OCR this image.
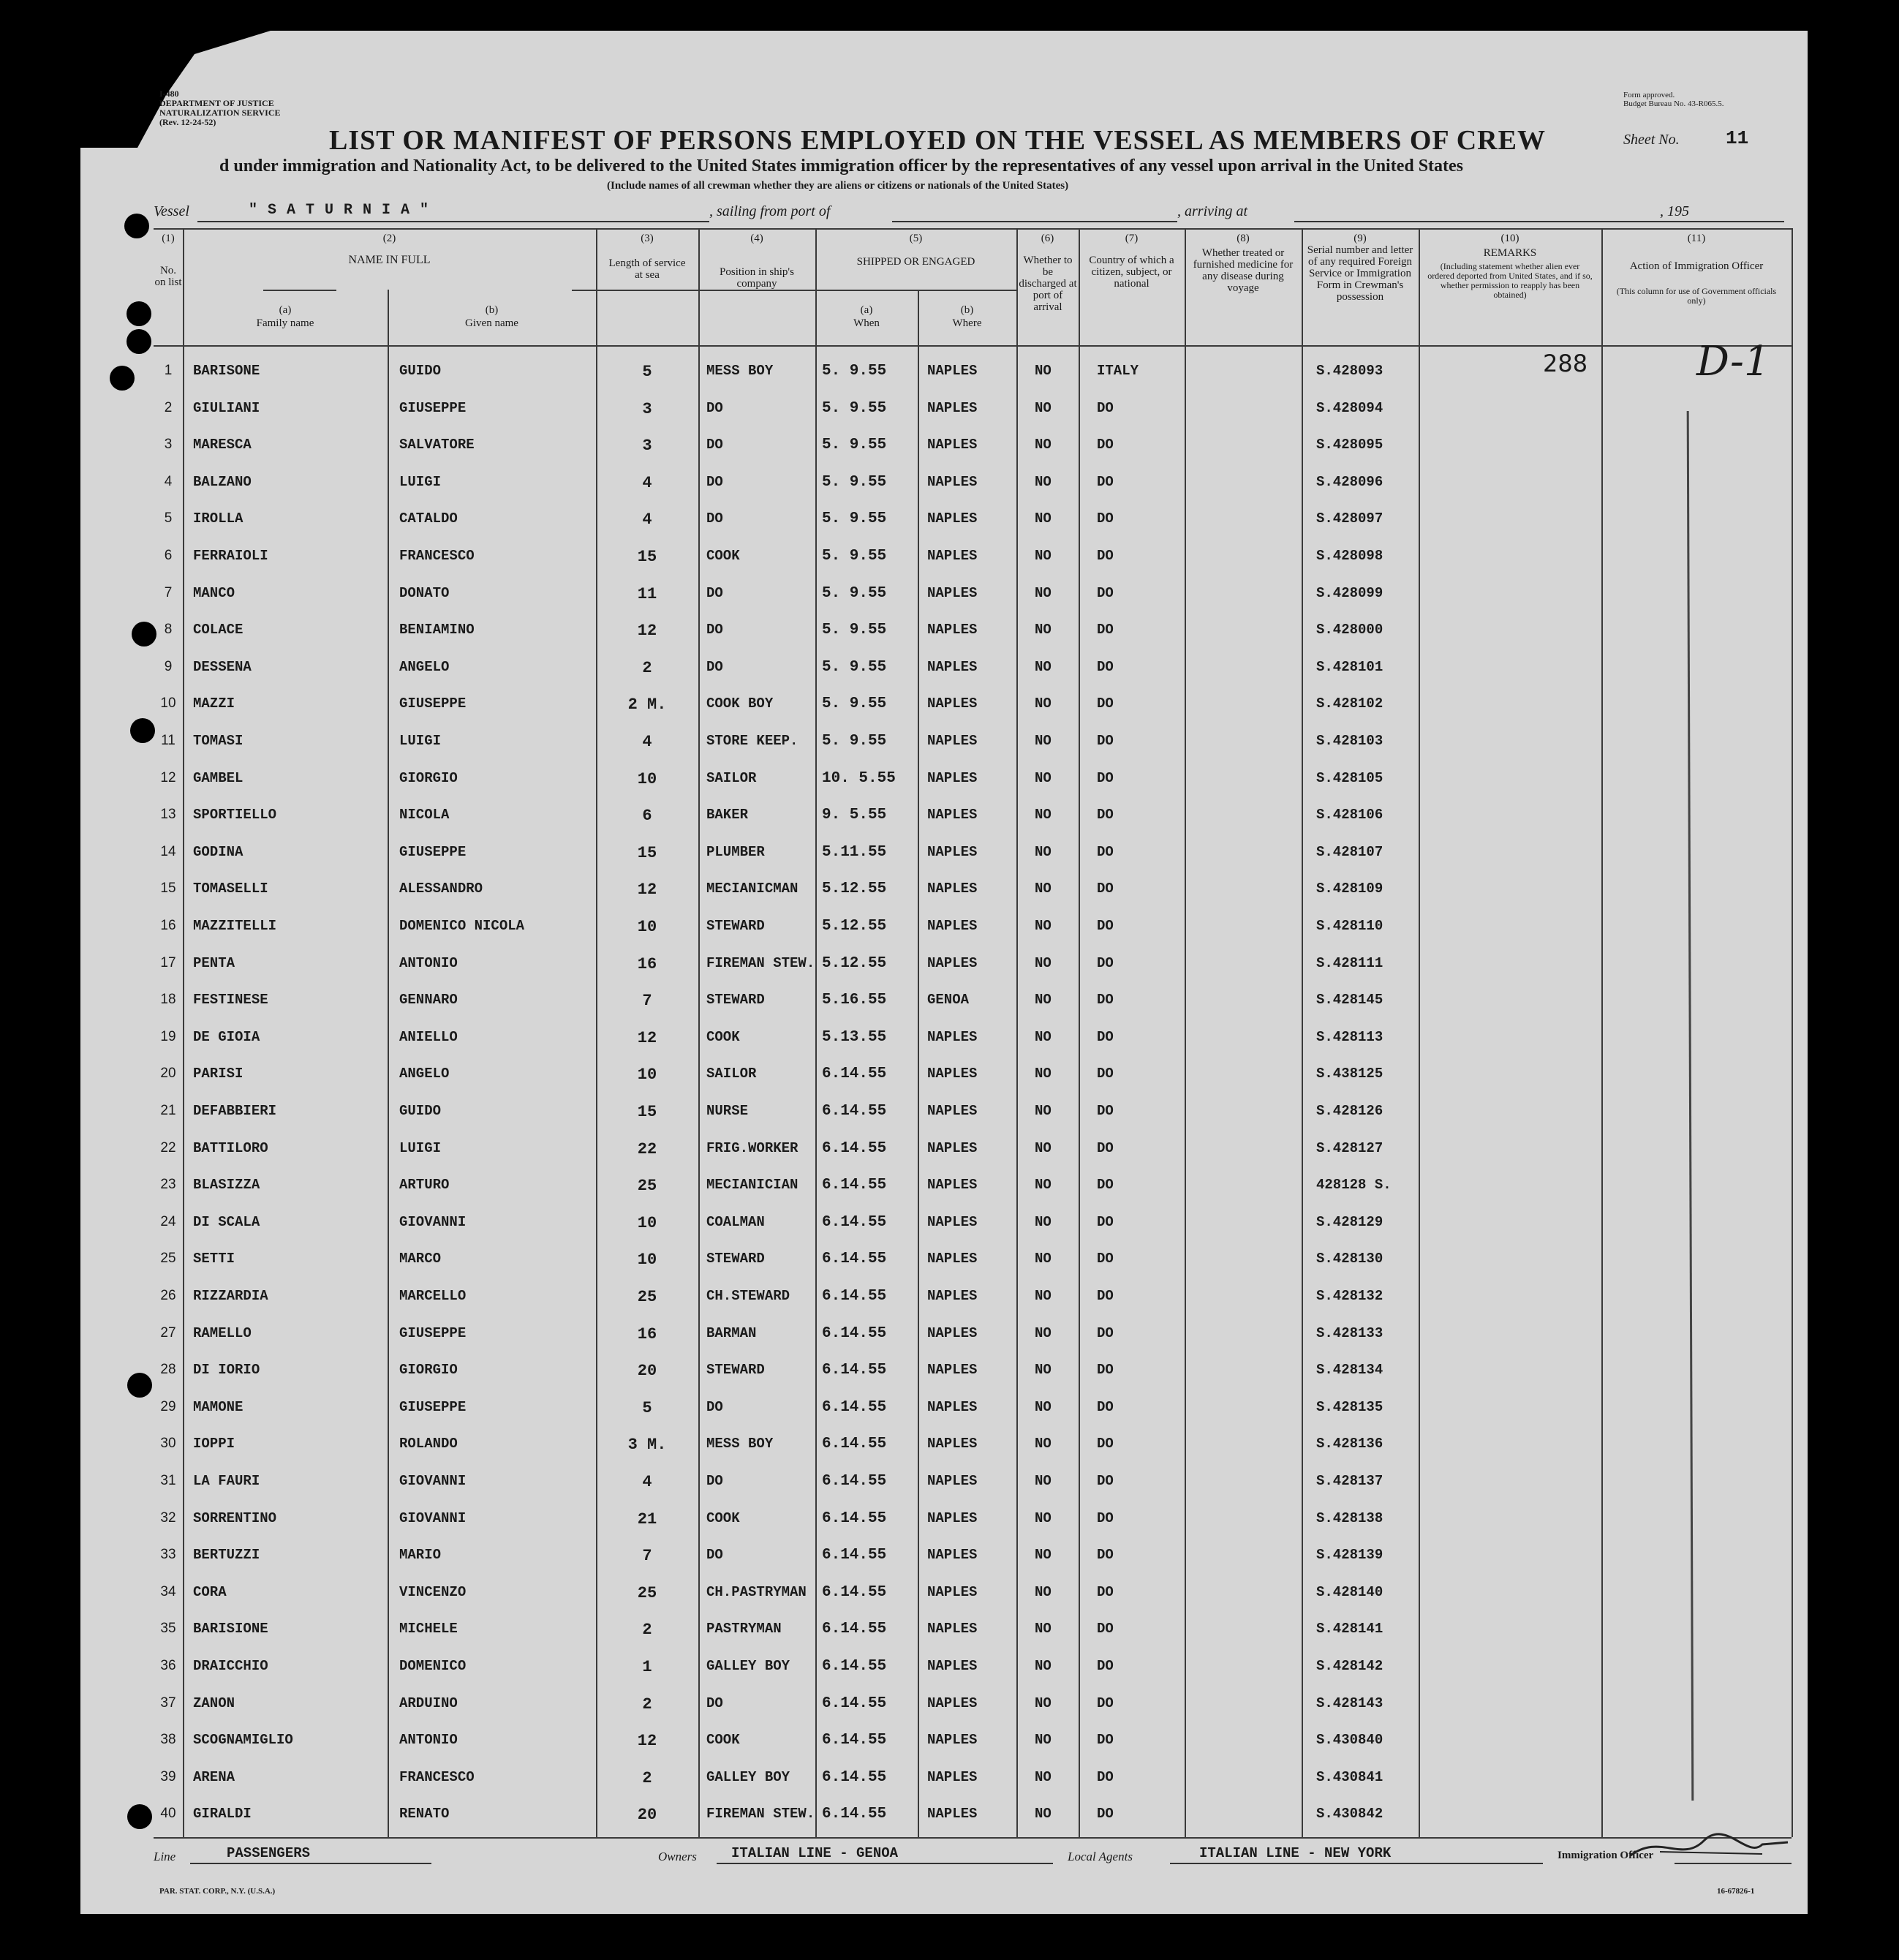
I-480
DEPARTMENT OF JUSTICE
NATURALIZATION SERVICE
(Rev. 12-24-52)
Form approved.
Budget Bureau No. 43-R065.5.
LIST OR MANIFEST OF PERSONS EMPLOYED ON THE VESSEL AS MEMBERS OF CREW	Sheet No. 11
d under immigration and Nationality Act, to be delivered to the United States immigration officer by the representatives of any vessel upon arrival in the United States
(Include names of all crewman whether they are aliens or citizens or nationals of the United States)
Vessel	" S A T U R N I A "	, sailing from port of	, arriving at	, 195
(1)
No. on list
(2)
NAME IN FULL
(a)
Family name
(b)
Given name
(3)
Length of service at sea
(4)
Position in ship's company
(5)
SHIPPED OR ENGAGED
(a)
When
(b)
Where
(6)
Whether to be discharged at port of arrival
(7)
Country of which a citizen, subject, or national
(8)
Whether treated or furnished medicine for any disease during voyage
(9)
Serial number and letter of any required Foreign Service or Immigration Form in Crewman's possession
(10)
REMARKS
(Including statement whether alien ever ordered deported from United States, and if so, whether permission to reapply has been obtained)
(11)
Action of Immigration Officer
(This column for use of Government officials only)
1	BARISONE	GUIDO	5	MESS BOY	5. 9.55	NAPLES	NO	ITALY	S.428093
2	GIULIANI	GIUSEPPE	3	DO	5. 9.55	NAPLES	NO	DO	S.428094
3	MARESCA	SALVATORE	3	DO	5. 9.55	NAPLES	NO	DO	S.428095
4	BALZANO	LUIGI	4	DO	5. 9.55	NAPLES	NO	DO	S.428096
5	IROLLA	CATALDO	4	DO	5. 9.55	NAPLES	NO	DO	S.428097
6	FERRAIOLI	FRANCESCO	15	COOK	5. 9.55	NAPLES	NO	DO	S.428098
7	MANCO	DONATO	11	DO	5. 9.55	NAPLES	NO	DO	S.428099
8	COLACE	BENIAMINO	12	DO	5. 9.55	NAPLES	NO	DO	S.428000
9	DESSENA	ANGELO	2	DO	5. 9.55	NAPLES	NO	DO	S.428101
10	MAZZI	GIUSEPPE	2 M.	COOK BOY	5. 9.55	NAPLES	NO	DO	S.428102
11	TOMASI	LUIGI	4	STORE KEEP. 5. 9.55	NAPLES	NO	DO	S.428103
12	GAMBEL	GIORGIO	10	SAILOR	10. 5.55 NAPLES	NO	DO	S.428105
13	SPORTIELLO	NICOLA	6	BAKER	9. 5.55	NAPLES	NO	DO	S.428106
14	GODINA	GIUSEPPE	15	PLUMBER	5.11.55	NAPLES	NO	DO	S.428107
15	TOMASELLI	ALESSANDRO	12	MECIANICMAN 5.12.55	NAPLES	NO	DO	S.428109
16	MAZZITELLI	DOMENICO NICOLA	10	STEWARD	5.12.55	NAPLES	NO	DO	S.428110
17	PENTA	ANTONIO	16	FIREMAN STEW. 5.12.55	NAPLES	NO	DO	S.428111
18	FESTINESE	GENNARO	7	STEWARD	5.16.55	GENOA	NO	DO	S.428145
19	DE GIOIA	ANIELLO	12	COOK	5.13.55	NAPLES	NO	DO	S.428113
20	PARISI	ANGELO	10	SAILOR	6.14.55	NAPLES	NO	DO	S.438125
21	DEFABBIERI	GUIDO	15	NURSE	6.14.55	NAPLES	NO	DO	S.428126
22	BATTILORO	LUIGI	22	FRIG.WORKER 6.14.55	NAPLES	NO	DO	S.428127
23	BLASIZZA	ARTURO	25	MECIANICIAN 6.14.55	NAPLES	NO	DO	428128 S.
24	DI SCALA	GIOVANNI	10	COALMAN	6.14.55	NAPLES	NO	DO	S.428129
25	SETTI	MARCO	10	STEWARD	6.14.55	NAPLES	NO	DO	S.428130
26	RIZZARDIA	MARCELLO	25	CH.STEWARD 6.14.55	NAPLES	NO	DO	S.428132
27	RAMELLO	GIUSEPPE	16	BARMAN	6.14.55	NAPLES	NO	DO	S.428133
28	DI IORIO	GIORGIO	20	STEWARD	6.14.55	NAPLES	NO	DO	S.428134
29	MAMONE	GIUSEPPE	5	DO	6.14.55	NAPLES	NO	DO	S.428135
30	IOPPI	ROLANDO	3 M.	MESS BOY	6.14.55	NAPLES	NO	DO	S.428136
31	LA FAURI	GIOVANNI	4	DO	6.14.55	NAPLES	NO	DO	S.428137
32	SORRENTINO	GIOVANNI	21	COOK	6.14.55	NAPLES	NO	DO	S.428138
33	BERTUZZI	MARIO	7	DO	6.14.55	NAPLES	NO	DO	S.428139
34	CORA	VINCENZO	25	CH.PASTRYMAN 6.14.55	NAPLES	NO	DO	S.428140
35	BARISIONE	MICHELE	2	PASTRYMAN	6.14.55	NAPLES	NO	DO	S.428141
36	DRAICCHIO	DOMENICO	1	GALLEY BOY 6.14.55	NAPLES	NO	DO	S.428142
37	ZANON	ARDUINO	2	DO	6.14.55	NAPLES	NO	DO	S.428143
38	SCOGNAMIGLIO	ANTONIO	12	COOK	6.14.55	NAPLES	NO	DO	S.430840
39	ARENA	FRANCESCO	2	GALLEY BOY 6.14.55	NAPLES	NO	DO	S.430841
40	GIRALDI	RENATO	20	FIREMAN STEW. 6.14.55	NAPLES	NO	DO	S.430842
288	D-1
Line	PASSENGERS	Owners ITALIAN LINE - GENOA	Local Agents	ITALIAN LINE - NEW YORK	Immigration Officer
PAR. STAT. CORP., N.Y. (U.S.A.)	16-67826-1
